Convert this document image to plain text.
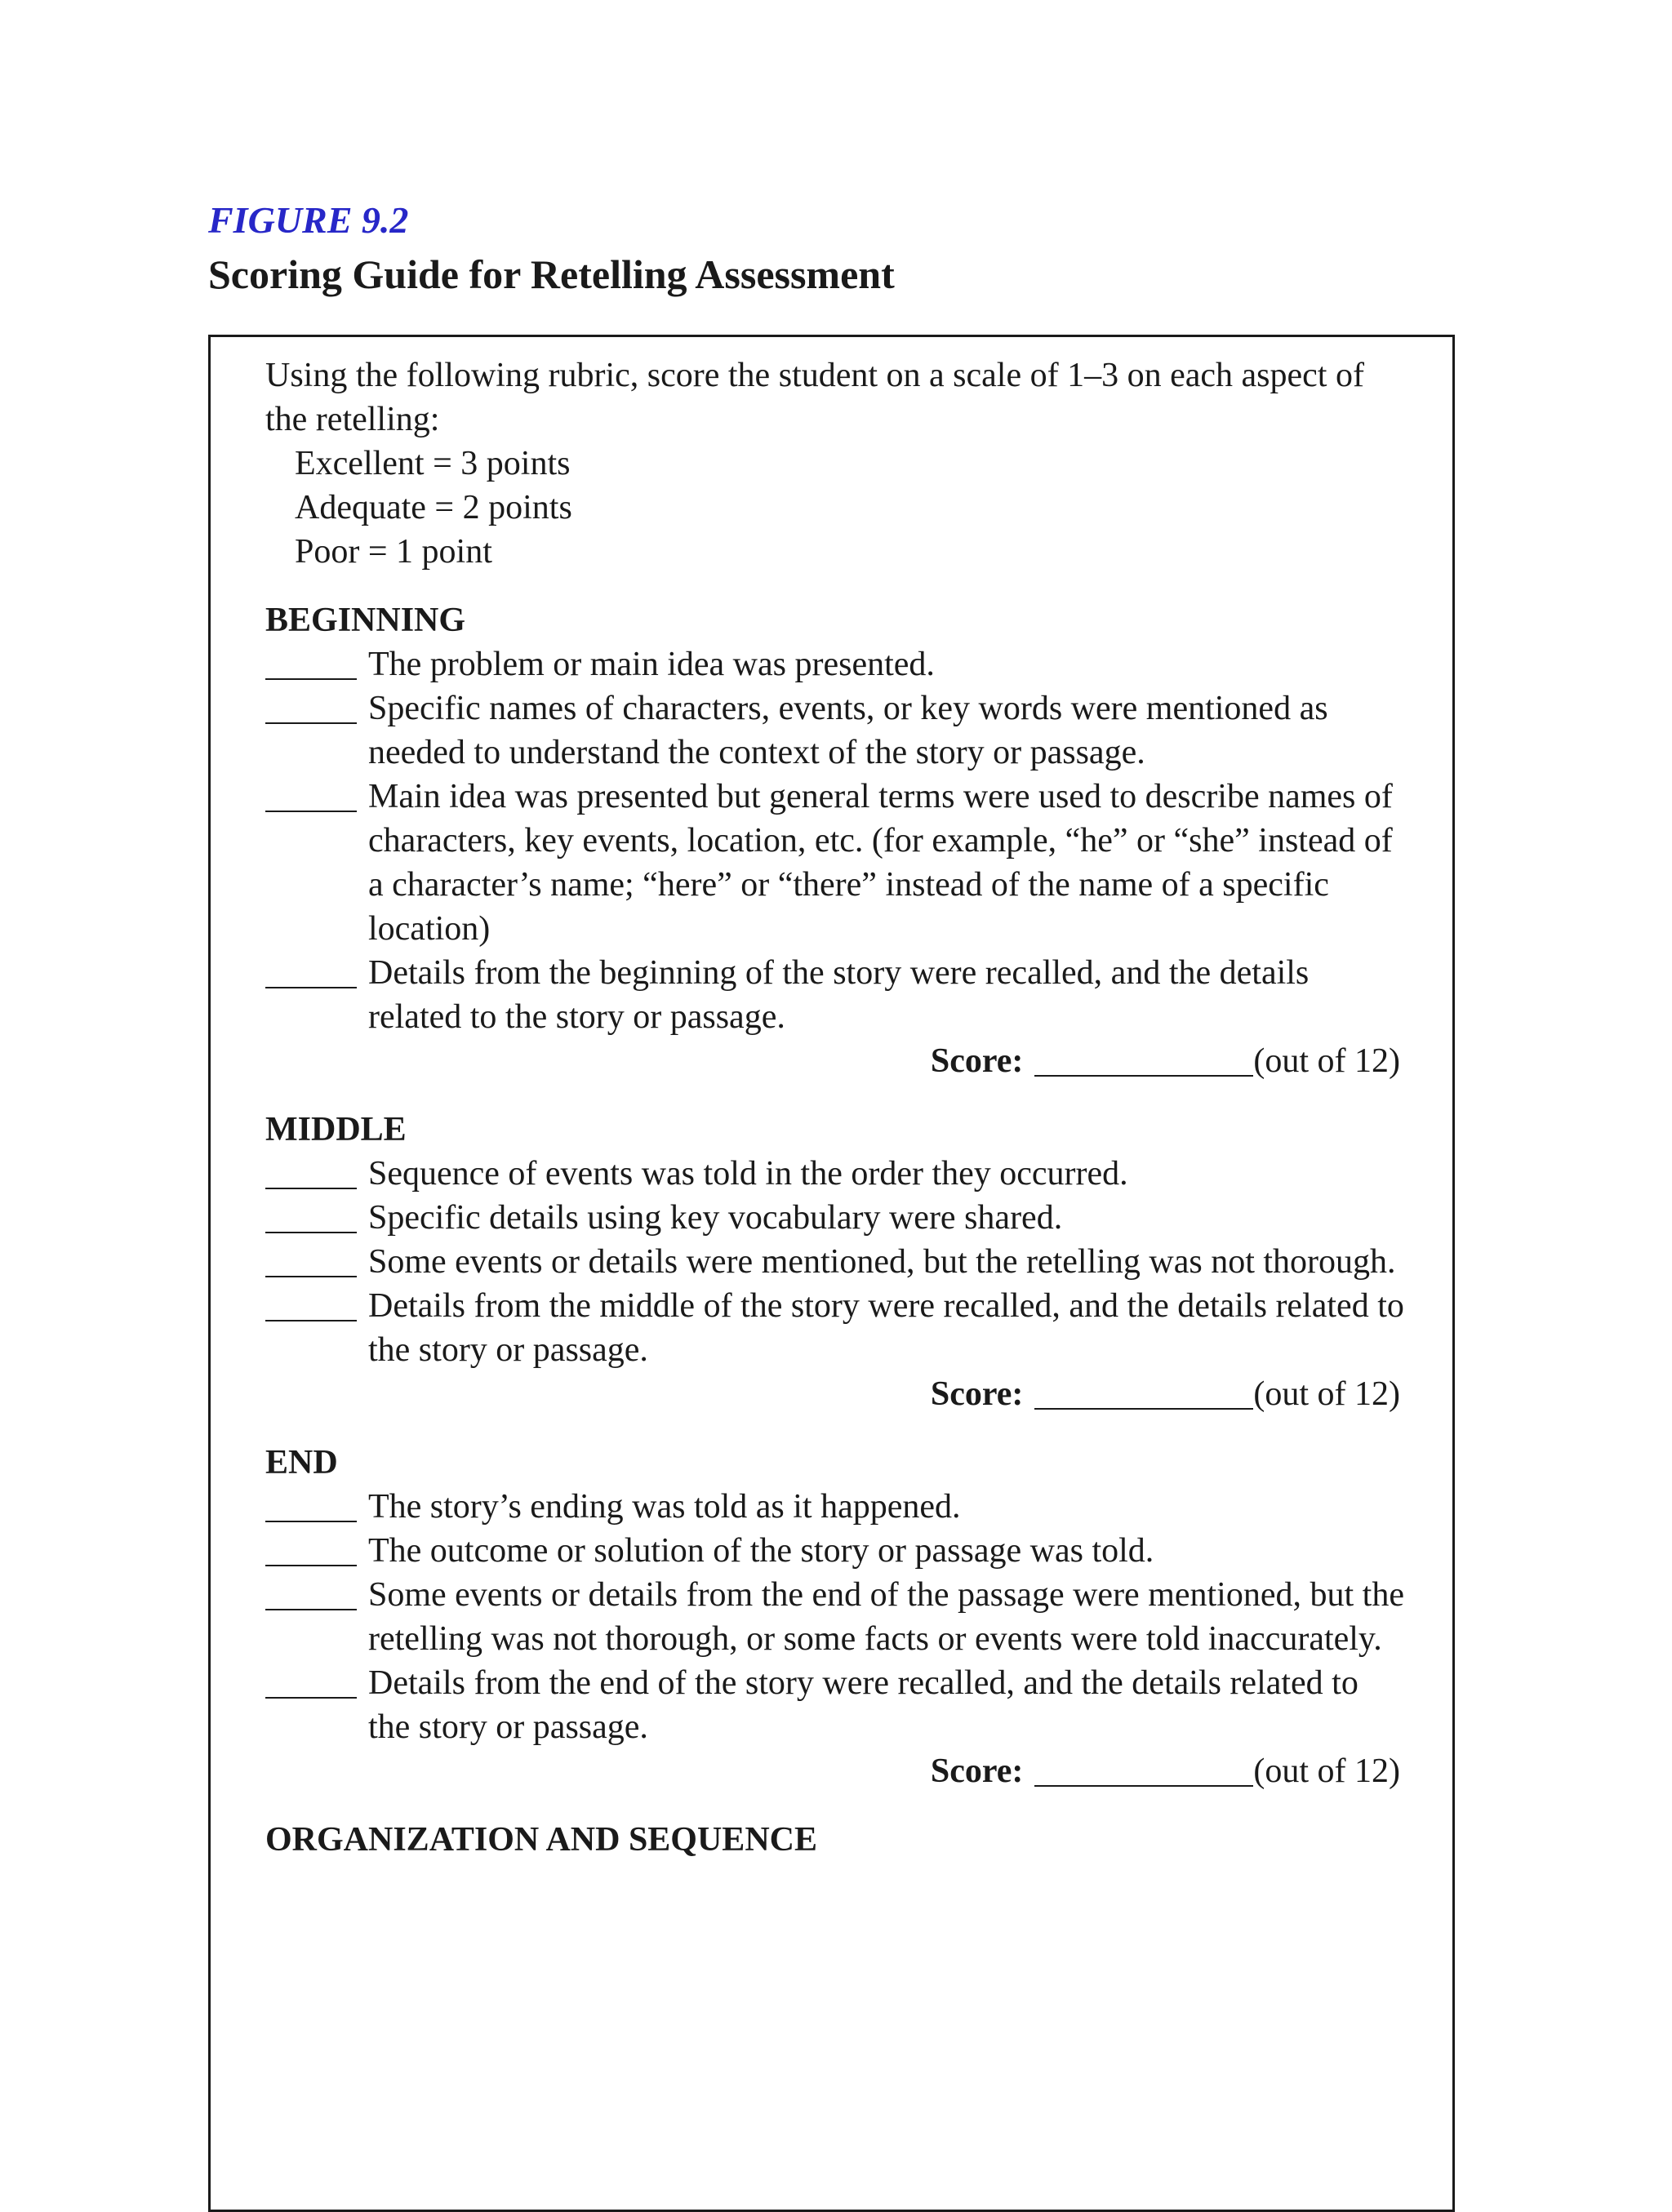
FIGURE 9.2
Scoring Guide for Retelling Assessment

Using the following rubric, score the student on a scale of 1–3 on each aspect of the retelling:

Excellent = 3 points
Adequate = 2 points
Poor = 1 point
BEGINNING
The problem or main idea was presented.
Specific names of characters, events, or key words were mentioned as needed to understand the context of the story or passage.
Main idea was presented but general terms were used to describe names of characters, key events, location, etc. (for example, “he” or “she” instead of a character’s name; “here” or “there” instead of the name of a specific location)
Details from the beginning of the story were recalled, and the details related to the story or passage.
Score:	(out of 12)
MIDDLE
Sequence of events was told in the order they occurred.
Specific details using key vocabulary were shared.
Some events or details were mentioned, but the retelling was not thorough.
Details from the middle of the story were recalled, and the details related to the story or passage.
Score:	(out of 12)
END
The story’s ending was told as it happened.
The outcome or solution of the story or passage was told.
Some events or details from the end of the passage were mentioned, but the retelling was not thorough, or some facts or events were told inaccurately.
Details from the end of the story were recalled, and the details related to the story or passage.
Score:	(out of 12)
ORGANIZATION AND SEQUENCE
